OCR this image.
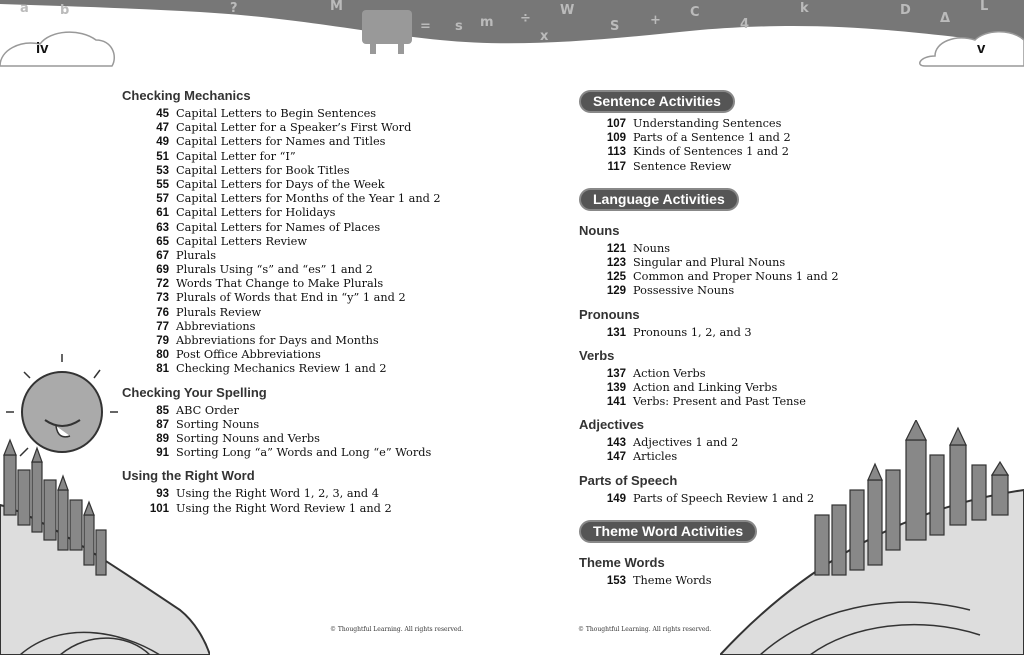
a b	?
= s m ÷
W
S +
C
4
k	D
Δ
L
M
x
iv	v
Checking Mechanics
45 Capital Letters to Begin Sentences
47 Capital Letter for a Speaker’s First Word
49 Capital Letters for Names and Titles
51 Capital Letter for “I”
53 Capital Letters for Book Titles
55 Capital Letters for Days of the Week
57 Capital Letters for Months of the Year 1 and 2
61 Capital Letters for Holidays
63 Capital Letters for Names of Places
65 Capital Letters Review
67 Plurals
69 Plurals Using “s” and “es” 1 and 2
72 Words That Change to Make Plurals
73 Plurals of Words that End in “y” 1 and 2
76 Plurals Review
77 Abbreviations
79 Abbreviations for Days and Months
80 Post Office Abbreviations
81 Checking Mechanics Review 1 and 2
Checking Your Spelling
85 ABC Order
87 Sorting Nouns
89 Sorting Nouns and Verbs
91 Sorting Long “a” Words and Long “e” Words
Using the Right Word
93 Using the Right Word 1, 2, 3, and 4
101 Using the Right Word Review 1 and 2
Sentence Activities
107 Understanding Sentences
109 Parts of a Sentence 1 and 2
113 Kinds of Sentences 1 and 2
117 Sentence Review
Language Activities
Nouns
121 Nouns
123 Singular and Plural Nouns
125 Common and Proper Nouns 1 and 2
129 Possessive Nouns
Pronouns
131 Pronouns 1, 2, and 3
Verbs
137 Action Verbs
139 Action and Linking Verbs
141 Verbs: Present and Past Tense
Adjectives
143 Adjectives 1 and 2
147 Articles
Parts of Speech
149 Parts of Speech Review 1 and 2
Theme Word Activities
Theme Words
153 Theme Words
© Thoughtful Learning. All rights reserved.	© Thoughtful Learning. All rights reserved.
